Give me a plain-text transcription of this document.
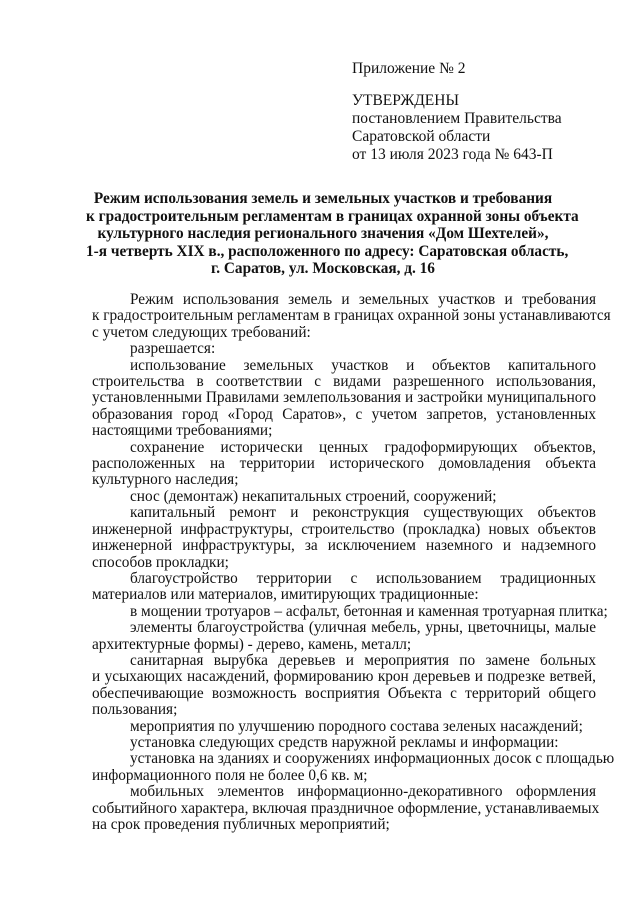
Приложение № 2
УТВЕРЖДЕНЫ
постановлением Правительства
Саратовской области
от 13 июля 2023 года № 643-П
Режим использования земель и земельных участков и требования
к градостроительным регламентам в границах охранной зоны объекта
культурного наследия регионального значения «Дом Шехтелей»,
1-я четверть XIX в., расположенного по адресу: Саратовская область,
г. Саратов, ул. Московская, д. 16
Режим использования земель и земельных участков и требования
к градостроительным регламентам в границах охранной зоны устанавливаются
с учетом следующих требований:
разрешается:
использование земельных участков и объектов капитального
строительства в соответствии с видами разрешенного использования,
установленными Правилами землепользования и застройки муниципального
образования город «Город Саратов», с учетом запретов, установленных
настоящими требованиями;
сохранение исторически ценных градоформирующих объектов,
расположенных на территории исторического домовладения объекта
культурного наследия;
снос (демонтаж) некапитальных строений, сооружений;
капитальный ремонт и реконструкция существующих объектов
инженерной инфраструктуры, строительство (прокладка) новых объектов
инженерной инфраструктуры, за исключением наземного и надземного
способов прокладки;
благоустройство территории с использованием традиционных
материалов или материалов, имитирующих традиционные:
в мощении тротуаров – асфальт, бетонная и каменная тротуарная плитка;
элементы благоустройства (уличная мебель, урны, цветочницы, малые
архитектурные формы) - дерево, камень, металл;
санитарная вырубка деревьев и мероприятия по замене больных
и усыхающих насаждений, формированию крон деревьев и подрезке ветвей,
обеспечивающие возможность восприятия Объекта с территорий общего
пользования;
мероприятия по улучшению породного состава зеленых насаждений;
установка следующих средств наружной рекламы и информации:
установка на зданиях и сооружениях информационных досок с площадью
информационного поля не более 0,6 кв. м;
мобильных элементов информационно-декоративного оформления
событийного характера, включая праздничное оформление, устанавливаемых
на срок проведения публичных мероприятий;
